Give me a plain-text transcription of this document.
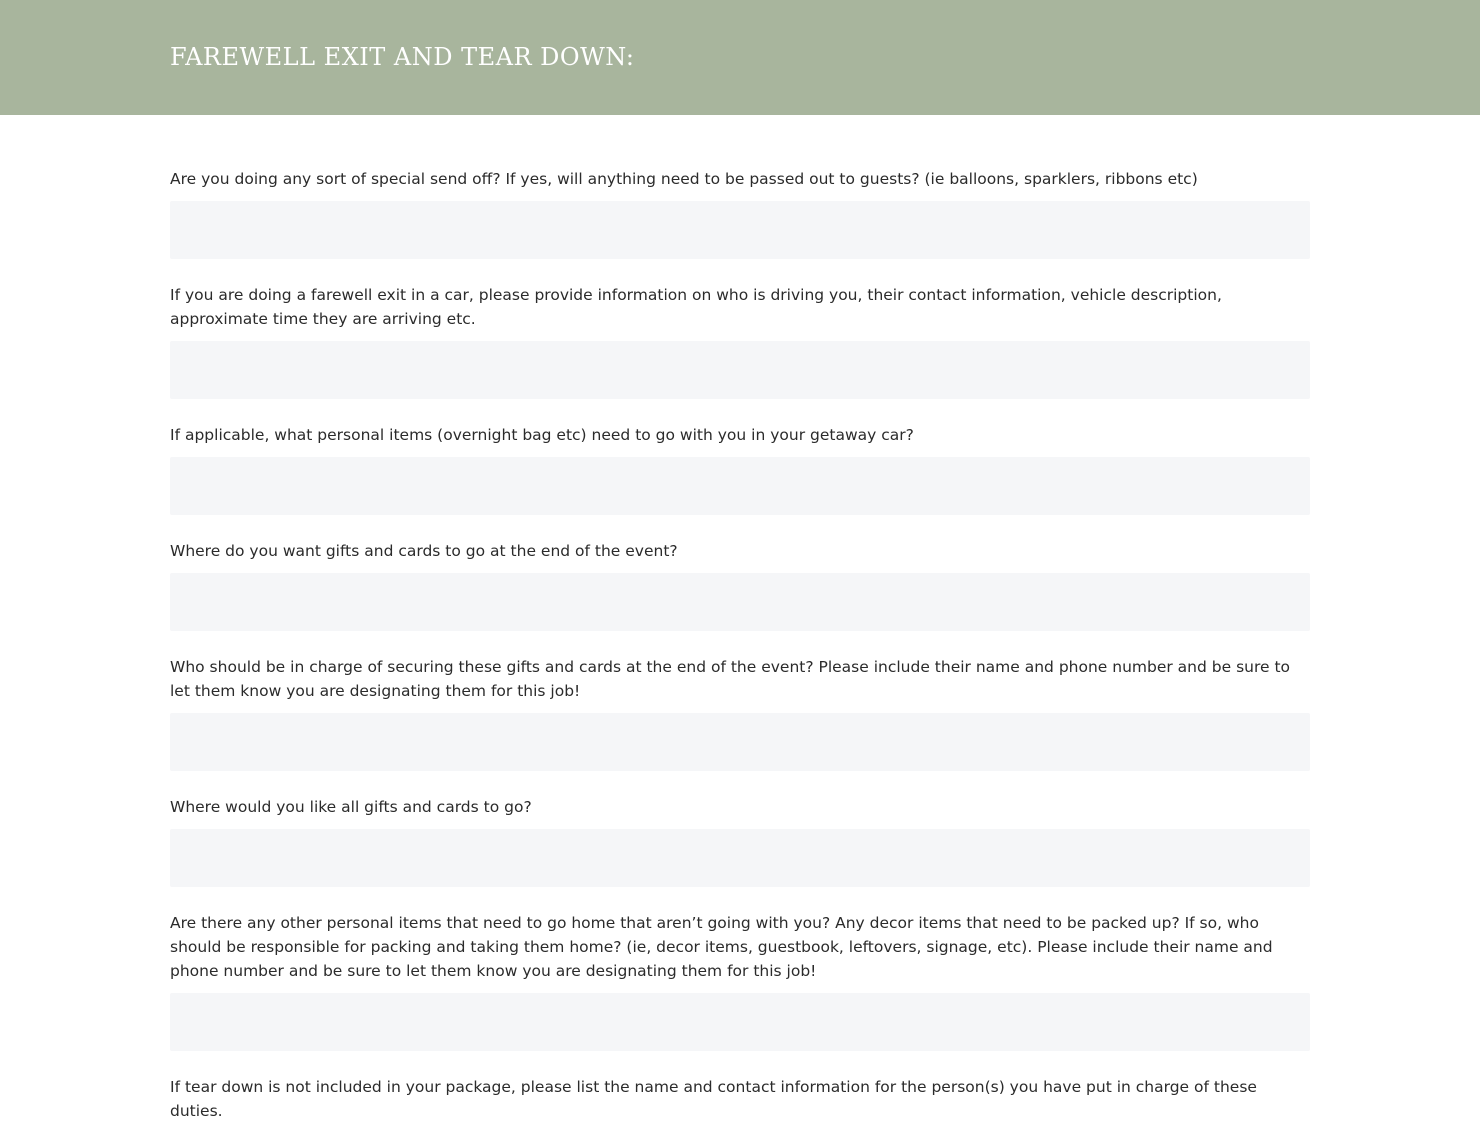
FAREWELL EXIT AND TEAR DOWN:
Are you doing any sort of special send off? If yes, will anything need to be passed out to guests? (ie balloons, sparklers, ribbons etc)
If you are doing a farewell exit in a car, please provide information on who is driving you, their contact information, vehicle description, approximate time they are arriving etc.
If applicable, what personal items (overnight bag etc) need to go with you in your getaway car?
Where do you want gifts and cards to go at the end of the event?
Who should be in charge of securing these gifts and cards at the end of the event? Please include their name and phone number and be sure to let them know you are designating them for this job!
Where would you like all gifts and cards to go?
Are there any other personal items that need to go home that aren’t going with you? Any decor items that need to be packed up? If so, who should be responsible for packing and taking them home? (ie, decor items, guestbook, leftovers, signage, etc). Please include their name and phone number and be sure to let them know you are designating them for this job!
If tear down is not included in your package, please list the name and contact information for the person(s) you have put in charge of these duties.
